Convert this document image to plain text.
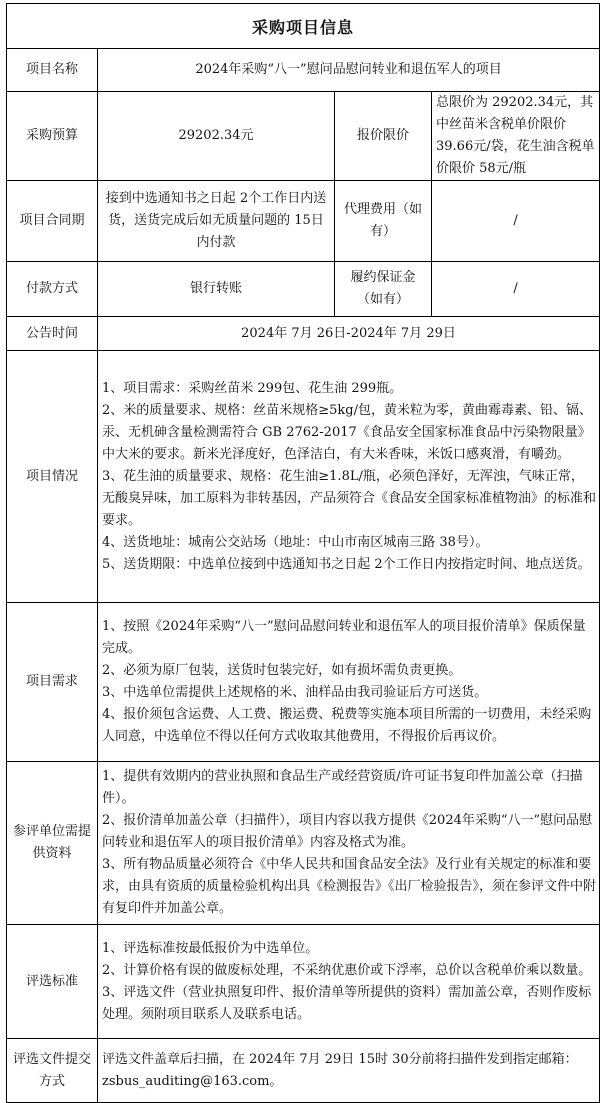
采购项目信息			
项目名称	2024年采购“八一”慰问品慰问转业和退伍军人的项目		
采购预算	29202.34元	报价限价	总限价为 29202.34元，其中丝苗米含税单价限价 39.66元/袋，花生油含税单价限价 58元/瓶
项目合同期	接到中选通知书之日起 2个工作日内送货，送货完成后如无质量问题的 15日内付款	代理费用（如有）	/
付款方式	银行转账	履约保证金（如有）	/
公告时间	2024年 7月 26日-2024年 7月 29日		
项目情况	1、项目需求：采购丝苗米 299包、花生油 299瓶。

2、米的质量要求、规格：丝苗米规格≥5kg/包，黄米粒为零，黄曲霉毒素、铅、镉、汞、无机砷含量检测需符合 GB 2762-2017《食品安全国家标准食品中污染物限量》中大米的要求。新米光泽度好，色泽洁白，有大米香味，米饭口感爽滑，有嚼劲。

3、花生油的质量要求、规格：花生油≥1.8L/瓶，必须色泽好，无浑浊，气味正常，无酸臭异味，加工原料为非转基因，产品须符合《食品安全国家标准植物油》的标准和要求。

4、送货地址：城南公交站场（地址：中山市南区城南三路 38号）。

5、送货期限：中选单位接到中选通知书之日起 2个工作日内按指定时间、地点送货。		

项目需求	1、按照《2024年采购“八一”慰问品慰问转业和退伍军人的项目报价清单》保质保量完成。

2、必须为原厂包装，送货时包装完好，如有损坏需负责更换。

3、中选单位需提供上述规格的米、油样品由我司验证后方可送货。

4、报价须包含运费、人工费、搬运费、税费等实施本项目所需的一切费用，未经采购人同意，中选单位不得以任何方式收取其他费用，不得报价后再议价。		

参评单位需提供资料	1、提供有效期内的营业执照和食品生产或经营资质/许可证书复印件加盖公章（扫描件）。

2、报价清单加盖公章（扫描件），项目内容以我方提供《2024年采购“八一”慰问品慰问转业和退伍军人的项目报价清单》内容及格式为准。

3、所有物品质量必须符合《中华人民共和国食品安全法》及行业有关规定的标准和要求，由具有资质的质量检验机构出具《检测报告》《出厂检验报告》，须在参评文件中附有复印件并加盖公章。		

评选标准	1、评选标准按最低报价为中选单位。

2、计算价格有误的做废标处理，不采纳优惠价或下浮率，总价以含税单价乘以数量。

3、评选文件（营业执照复印件、报价清单等所提供的资料）需加盖公章，否则作废标处理。须附项目联系人及联系电话。		

评选文件提交方式	评选文件盖章后扫描，在 2024年 7月 29日 15时 30分前将扫描件发到指定邮箱：zsbus_auditing@163.com。		
